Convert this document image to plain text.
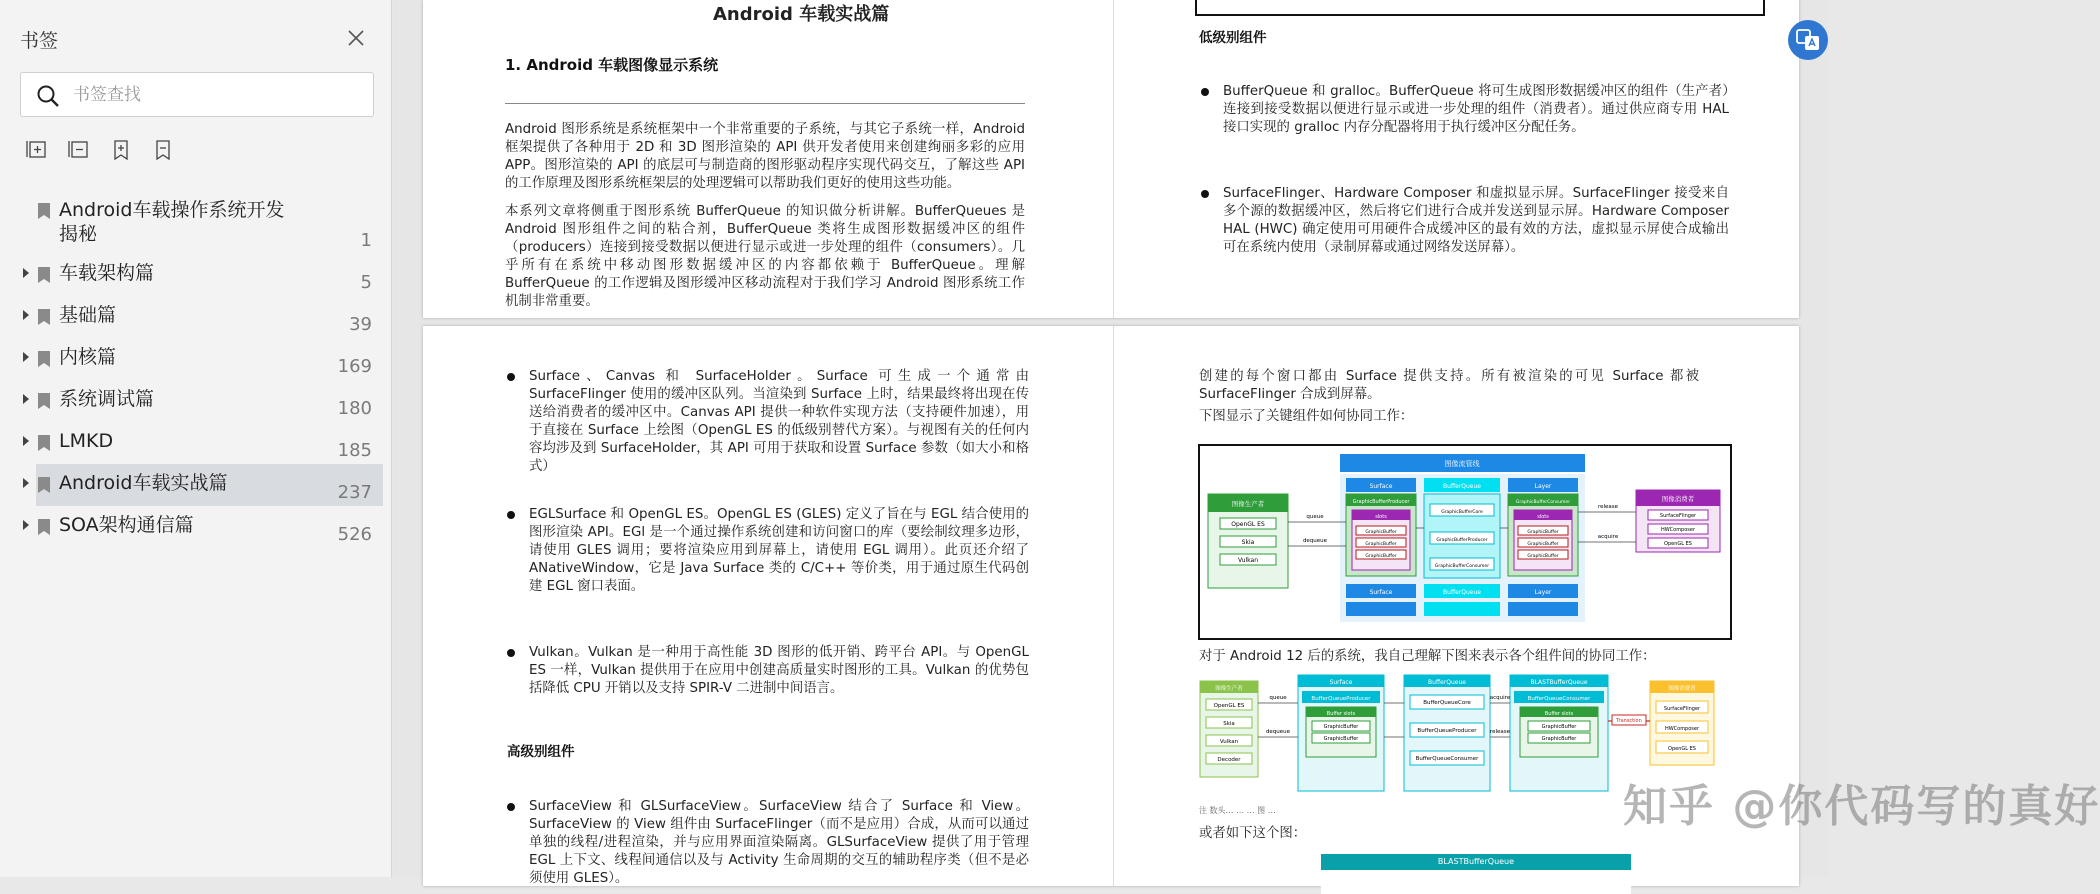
书签
书签查找
Android车载操作系统开发揭秘	1
车载架构篇	5
基础篇	39
内核篇	169
系统调试篇	180
LMKD	185
Android车载实战篇	237
SOA架构通信篇	526
Android 车载实战篇
1. Android 车载图像显示系统
Android 图形系统是系统框架中一个非常重要的子系统，与其它子系统一样，Android 框架提供了各种用于 2D 和 3D 图形渲染的 API 供开发者使用来创建绚丽多彩的应用 APP。图形渲染的 API 的底层可与制造商的图形驱动程序实现代码交互，了解这些 API 的工作原理及图形系统框架层的处理逻辑可以帮助我们更好的使用这些功能。
本系列文章将侧重于图形系统 BufferQueue 的知识做分析讲解。BufferQueues 是 Android 图形组件之间的粘合剂，BufferQueue 类将生成图形数据缓冲区的组件（producers）连接到接受数据以便进行显示或进一步处理的组件（consumers）。几乎所有在系统中移动图形数据缓冲区的内容都依赖于 BufferQueue。理解 BufferQueue 的工作逻辑及图形缓冲区移动流程对于我们学习 Android 图形系统工作机制非常重要。
低级别组件
BufferQueue 和 gralloc。BufferQueue 将可生成图形数据缓冲区的组件（生产者）连接到接受数据以便进行显示或进一步处理的组件（消费者）。通过供应商专用 HAL 接口实现的 gralloc 内存分配器将用于执行缓冲区分配任务。
SurfaceFlinger、Hardware Composer 和虚拟显示屏。SurfaceFlinger 接受来自多个源的数据缓冲区，然后将它们进行合成并发送到显示屏。Hardware Composer HAL (HWC) 确定使用可用硬件合成缓冲区的最有效的方法，虚拟显示屏使合成输出可在系统内使用（录制屏幕或通过网络发送屏幕）。
Surface、Canvas 和 SurfaceHolder。Surface 可生成一个通常由 SurfaceFlinger 使用的缓冲区队列。当渲染到 Surface 上时，结果最终将出现在传送给消费者的缓冲区中。Canvas API 提供一种软件实现方法（支持硬件加速），用于直接在 Surface 上绘图（OpenGL ES 的低级别替代方案）。与视图有关的任何内容均涉及到 SurfaceHolder，其 API 可用于获取和设置 Surface 参数（如大小和格式）
EGLSurface 和 OpenGL ES。OpenGL ES (GLES) 定义了旨在与 EGL 结合使用的图形渲染 API。EGl 是一个通过操作系统创建和访问窗口的库（要绘制纹理多边形，请使用 GLES 调用；要将渲染应用到屏幕上，请使用 EGL 调用）。此页还介绍了 ANativeWindow，它是 Java Surface 类的 C/C++ 等价类，用于通过原生代码创建 EGL 窗口表面。
Vulkan。Vulkan 是一种用于高性能 3D 图形的低开销、跨平台 API。与 OpenGL ES 一样，Vulkan 提供用于在应用中创建高质量实时图形的工具。Vulkan 的优势包括降低 CPU 开销以及支持 SPIR-V 二进制中间语言。
高级别组件
SurfaceView 和 GLSurfaceView。SurfaceView 结合了 Surface 和 View。SurfaceView 的 View 组件由 SurfaceFlinger（而不是应用）合成，从而可以通过单独的线程/进程渲染，并与应用界面渲染隔离。GLSurfaceView 提供了用于管理 EGL 上下文、线程间通信以及与 Activity 生命周期的交互的辅助程序类（但不是必须使用 GLES）。
创建的每个窗口都由 Surface 提供支持。所有被渲染的可见 Surface 都被 SurfaceFlinger 合成到屏幕。
下图显示了关键组件如何协同工作：
图像流管线
图像生产者
OpenGL ES
Skia
Vulkan
Surface
GraphicBufferProducer
slots
GraphicBuffer
GraphicBuffer
GraphicBuffer
BufferQueue
GraphicBufferCore
GraphicBufferProducer
GraphicBufferConsumer
Layer
GraphicBufferConsumer
slots
GraphicBuffer
GraphicBuffer
GraphicBuffer
Surface	BufferQueue	Layer
图像消费者
SurfaceFlinger
HWComposer
OpenGL ES
queue
dequeue
release
acquire
对于 Android 12 后的系统，我自己理解下图来表示各个组件间的协同工作：
图像生产者
OpenGL ES
Skia
Vulkan
Decoder
Surface
BufferQueueProducer
Buffer slots
GraphicBuffer
GraphicBuffer
BufferQueue
BufferQueueCore
BufferQueueProducer
BufferQueueConsumer
BLASTBufferQueue
BufferQueueConsumer
Buffer slots
GraphicBuffer
GraphicBuffer
图像消费者
SurfaceFlinger
HWComposer
OpenGL ES
queue
dequeue
acquire
release
Transction
注 数头… … … 图 …
或者如下这个图：
BLASTBufferQueue
知乎 @你代码写的真好
